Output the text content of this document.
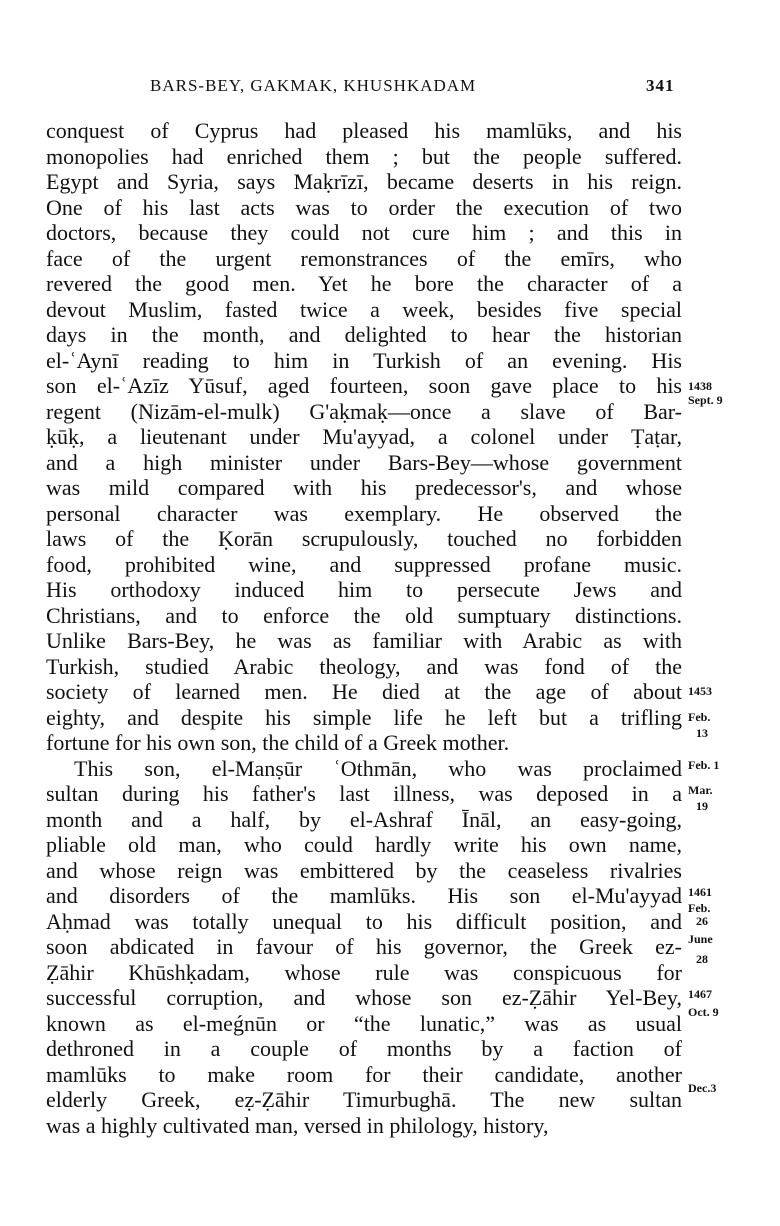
BARS-BEY, GAKMAK, KHUSHKADAM	341
conquest of Cyprus had pleased his mamlūks, and his
monopolies had enriched them ; but the people suffered.
Egypt and Syria, says Maḳrīzī, became deserts in his reign.
One of his last acts was to order the execution of two
doctors, because they could not cure him ; and this in
face of the urgent remonstrances of the emīrs, who
revered the good men. Yet he bore the character of a
devout Muslim, fasted twice a week, besides five special
days in the month, and delighted to hear the historian
el-ʿAynī reading to him in Turkish of an evening. His
son el-ʿAzīz Yūsuf, aged fourteen, soon gave place to his
regent (Nizām-el-mulk) G'aḳmaḳ—once a slave of Bar-
ḳūḳ, a lieutenant under Mu'ayyad, a colonel under Ṭaṭar,
and a high minister under Bars-Bey—whose government
was mild compared with his predecessor's, and whose
personal character was exemplary. He observed the
laws of the Ḳorān scrupulously, touched no forbidden
food, prohibited wine, and suppressed profane music.
His orthodoxy induced him to persecute Jews and
Christians, and to enforce the old sumptuary distinctions.
Unlike Bars-Bey, he was as familiar with Arabic as with
Turkish, studied Arabic theology, and was fond of the
society of learned men. He died at the age of about
eighty, and despite his simple life he left but a trifling
fortune for his own son, the child of a Greek mother.
This son, el-Manṣūr ʿOthmān, who was proclaimed
sultan during his father's last illness, was deposed in a
month and a half, by el-Ashraf Īnāl, an easy-going,
pliable old man, who could hardly write his own name,
and whose reign was embittered by the ceaseless rivalries
and disorders of the mamlūks. His son el-Mu'ayyad
Aḥmad was totally unequal to his difficult position, and
soon abdicated in favour of his governor, the Greek ez-
Ẓāhir Khūshḳadam, whose rule was conspicuous for
successful corruption, and whose son ez-Ẓāhir Yel-Bey,
known as el-meǵnūn or “the lunatic,” was as usual
dethroned in a couple of months by a faction of
mamlūks to make room for their candidate, another
elderly Greek, eẓ-Ẓāhir Timurbughā. The new sultan
was a highly cultivated man, versed in philology, history,
1438
Sept. 9
1453
Feb.
13
Feb. 1
Mar.
19
1461
Feb.
26
June
28
1467
Oct. 9
Dec.3
